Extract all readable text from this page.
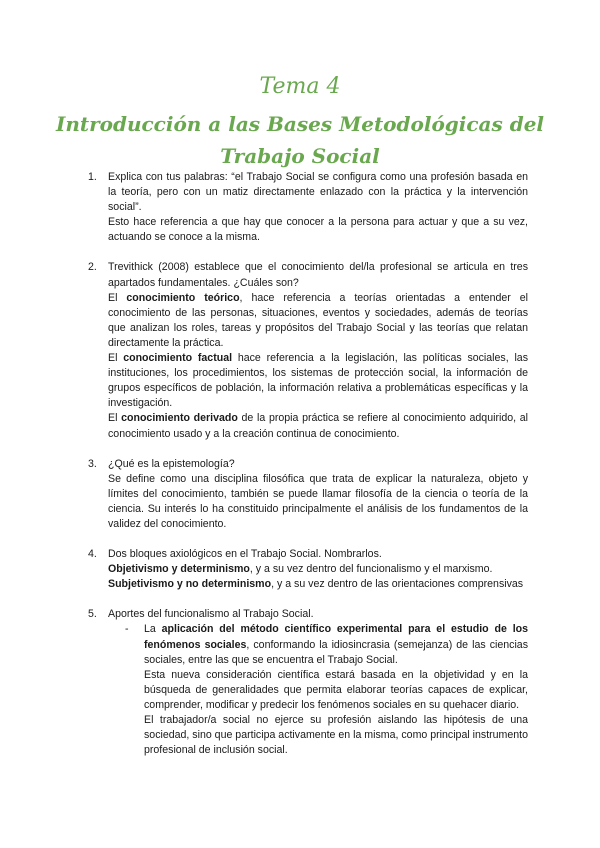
Tema 4
Introducción a las Bases Metodológicas del
Trabajo Social
1. Explica con tus palabras: “el Trabajo Social se configura como una profesión basada en la teoría, pero con un matiz directamente enlazado con la práctica y la intervención social”.

Esto hace referencia a que hay que conocer a la persona para actuar y que a su vez, actuando se conoce a la misma.

2. Trevithick (2008) establece que el conocimiento del/la profesional se articula en tres apartados fundamentales. ¿Cuáles son?

El conocimiento teórico, hace referencia a teorías orientadas a entender el conocimiento de las personas, situaciones, eventos y sociedades, además de teorías que analizan los roles, tareas y propósitos del Trabajo Social y las teorías que relatan directamente la práctica.

El conocimiento factual hace referencia a la legislación, las políticas sociales, las instituciones, los procedimientos, los sistemas de protección social, la información de grupos específicos de población, la información relativa a problemáticas específicas y la investigación.

El conocimiento derivado de la propia práctica se refiere al conocimiento adquirido, al conocimiento usado y a la creación continua de conocimiento.

3. ¿Qué es la epistemología?

Se define como una disciplina filosófica que trata de explicar la naturaleza, objeto y límites del conocimiento, también se puede llamar filosofía de la ciencia o teoría de la ciencia. Su interés lo ha constituido principalmente el análisis de los fundamentos de la validez del conocimiento.

4. Dos bloques axiológicos en el Trabajo Social. Nombrarlos.

Objetivismo y determinismo, y a su vez dentro del funcionalismo y el marxismo.

Subjetivismo y no determinismo, y a su vez dentro de las orientaciones comprensivas

5. Aportes del funcionalismo al Trabajo Social.

- La aplicación del método científico experimental para el estudio de los fenómenos sociales, conformando la idiosincrasia (semejanza) de las ciencias sociales, entre las que se encuentra el Trabajo Social.

Esta nueva consideración científica estará basada en la objetividad y en la búsqueda de generalidades que permita elaborar teorías capaces de explicar, comprender, modificar y predecir los fenómenos sociales en su quehacer diario.

El trabajador/a social no ejerce su profesión aislando las hipótesis de una sociedad, sino que participa activamente en la misma, como principal instrumento profesional de inclusión social.
